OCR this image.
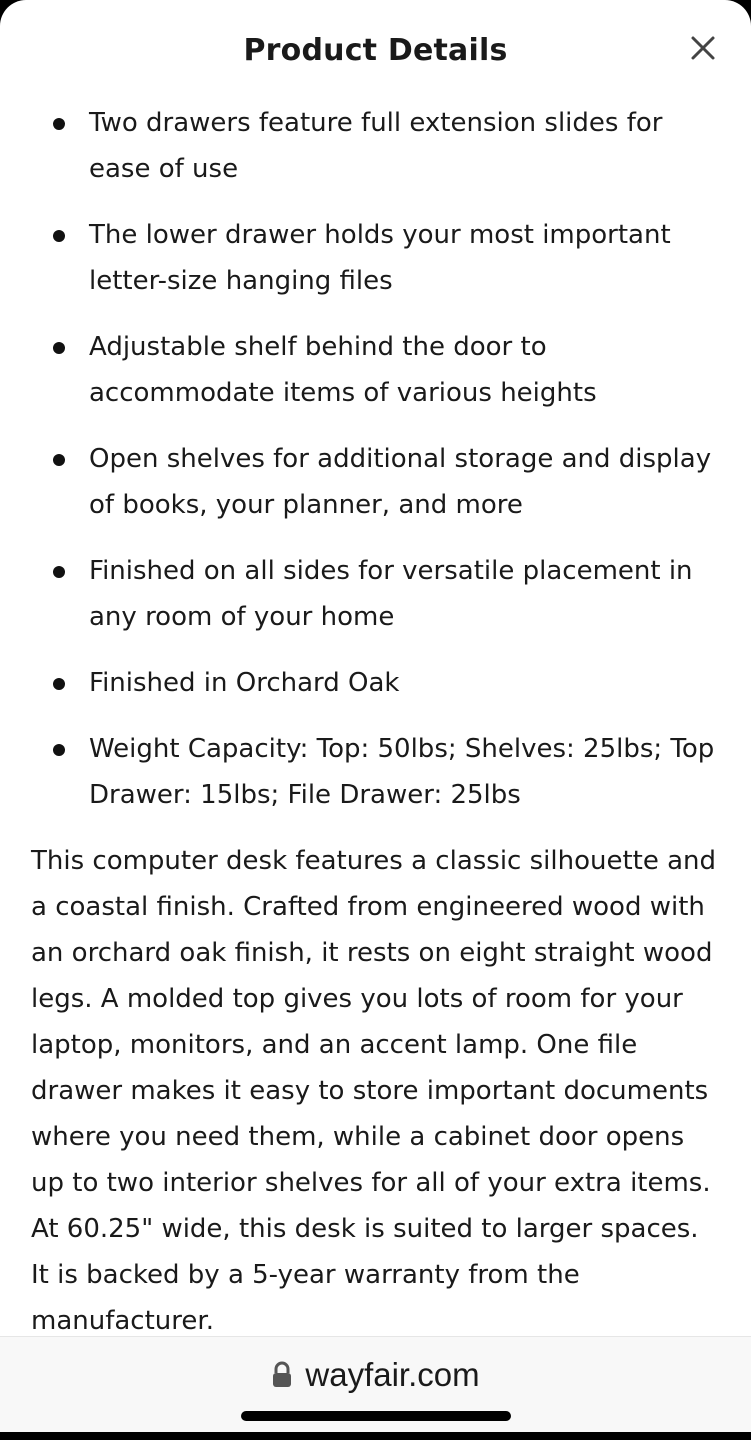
Product Details
Two drawers feature full extension slides for ease of use
The lower drawer holds your most important letter-size hanging files
Adjustable shelf behind the door to accommodate items of various heights
Open shelves for additional storage and display of books, your planner, and more
Finished on all sides for versatile placement in any room of your home
Finished in Orchard Oak
Weight Capacity: Top: 50lbs; Shelves: 25lbs; Top Drawer: 15lbs; File Drawer: 25lbs

This computer desk features a classic silhouette and a coastal finish. Crafted from engineered wood with an orchard oak finish, it rests on eight straight wood legs. A molded top gives you lots of room for your laptop, monitors, and an accent lamp. One file drawer makes it easy to store important documents where you need them, while a cabinet door opens up to two interior shelves for all of your extra items. At 60.25" wide, this desk is suited to larger spaces. It is backed by a 5-year warranty from the manufacturer.

wayfair.com
